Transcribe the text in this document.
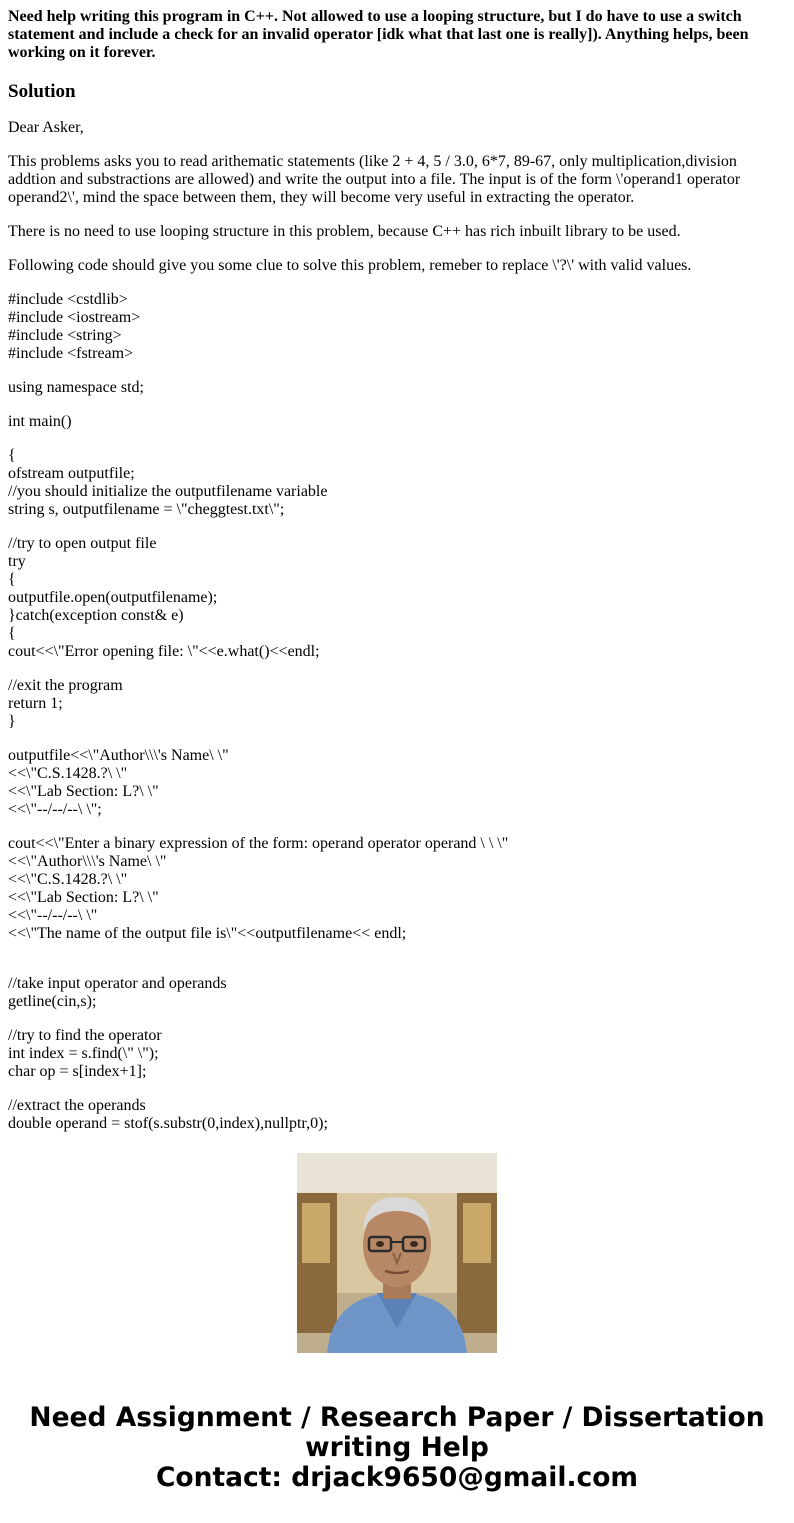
Need help writing this program in C++. Not allowed to use a looping structure, but I do have to use a switch statement and include a check for an invalid operator [idk what that last one is really]). Anything helps, been working on it forever.
Solution
Dear Asker,
This problems asks you to read arithematic statements (like 2 + 4, 5 / 3.0, 6*7, 89-67, only multiplication,division addtion and substractions are allowed) and write the output into a file. The input is of the form \'operand1 operator operand2\', mind the space between them, they will become very useful in extracting the operator.
There is no need to use looping structure in this problem, because C++ has rich inbuilt library to be used.
Following code should give you some clue to solve this problem, remeber to replace \'?\' with valid values.
#include <cstdlib>
#include <iostream>
#include <string>
#include <fstream>
using namespace std;
int main()
{
ofstream outputfile;
//you should initialize the outputfilename variable
string s, outputfilename = \"cheggtest.txt\";
//try to open output file
try
{
outputfile.open(outputfilename);
}catch(exception const& e)
{
cout<<\"Error opening file: \"<<e.what()<<endl;
//exit the program
return 1;
}
outputfile<<\"Author\\\'s Name\ \"
<<\"C.S.1428.?\ \"
<<\"Lab Section: L?\ \"
<<\"--/--/--\ \";
cout<<\"Enter a binary expression of the form: operand operator operand \ \ \"
<<\"Author\\\'s Name\ \"
<<\"C.S.1428.?\ \"
<<\"Lab Section: L?\ \"
<<\"--/--/--\ \"
<<\"The name of the output file is\"<<outputfilename<< endl;
//take input operator and operands
getline(cin,s);
//try to find the operator
int index = s.find(\" \");
char op = s[index+1];
//extract the operands
double operand = stof(s.substr(0,index),nullptr,0);
Need Assignment / Research Paper / Dissertation
writing Help
Contact: drjack9650@gmail.com
